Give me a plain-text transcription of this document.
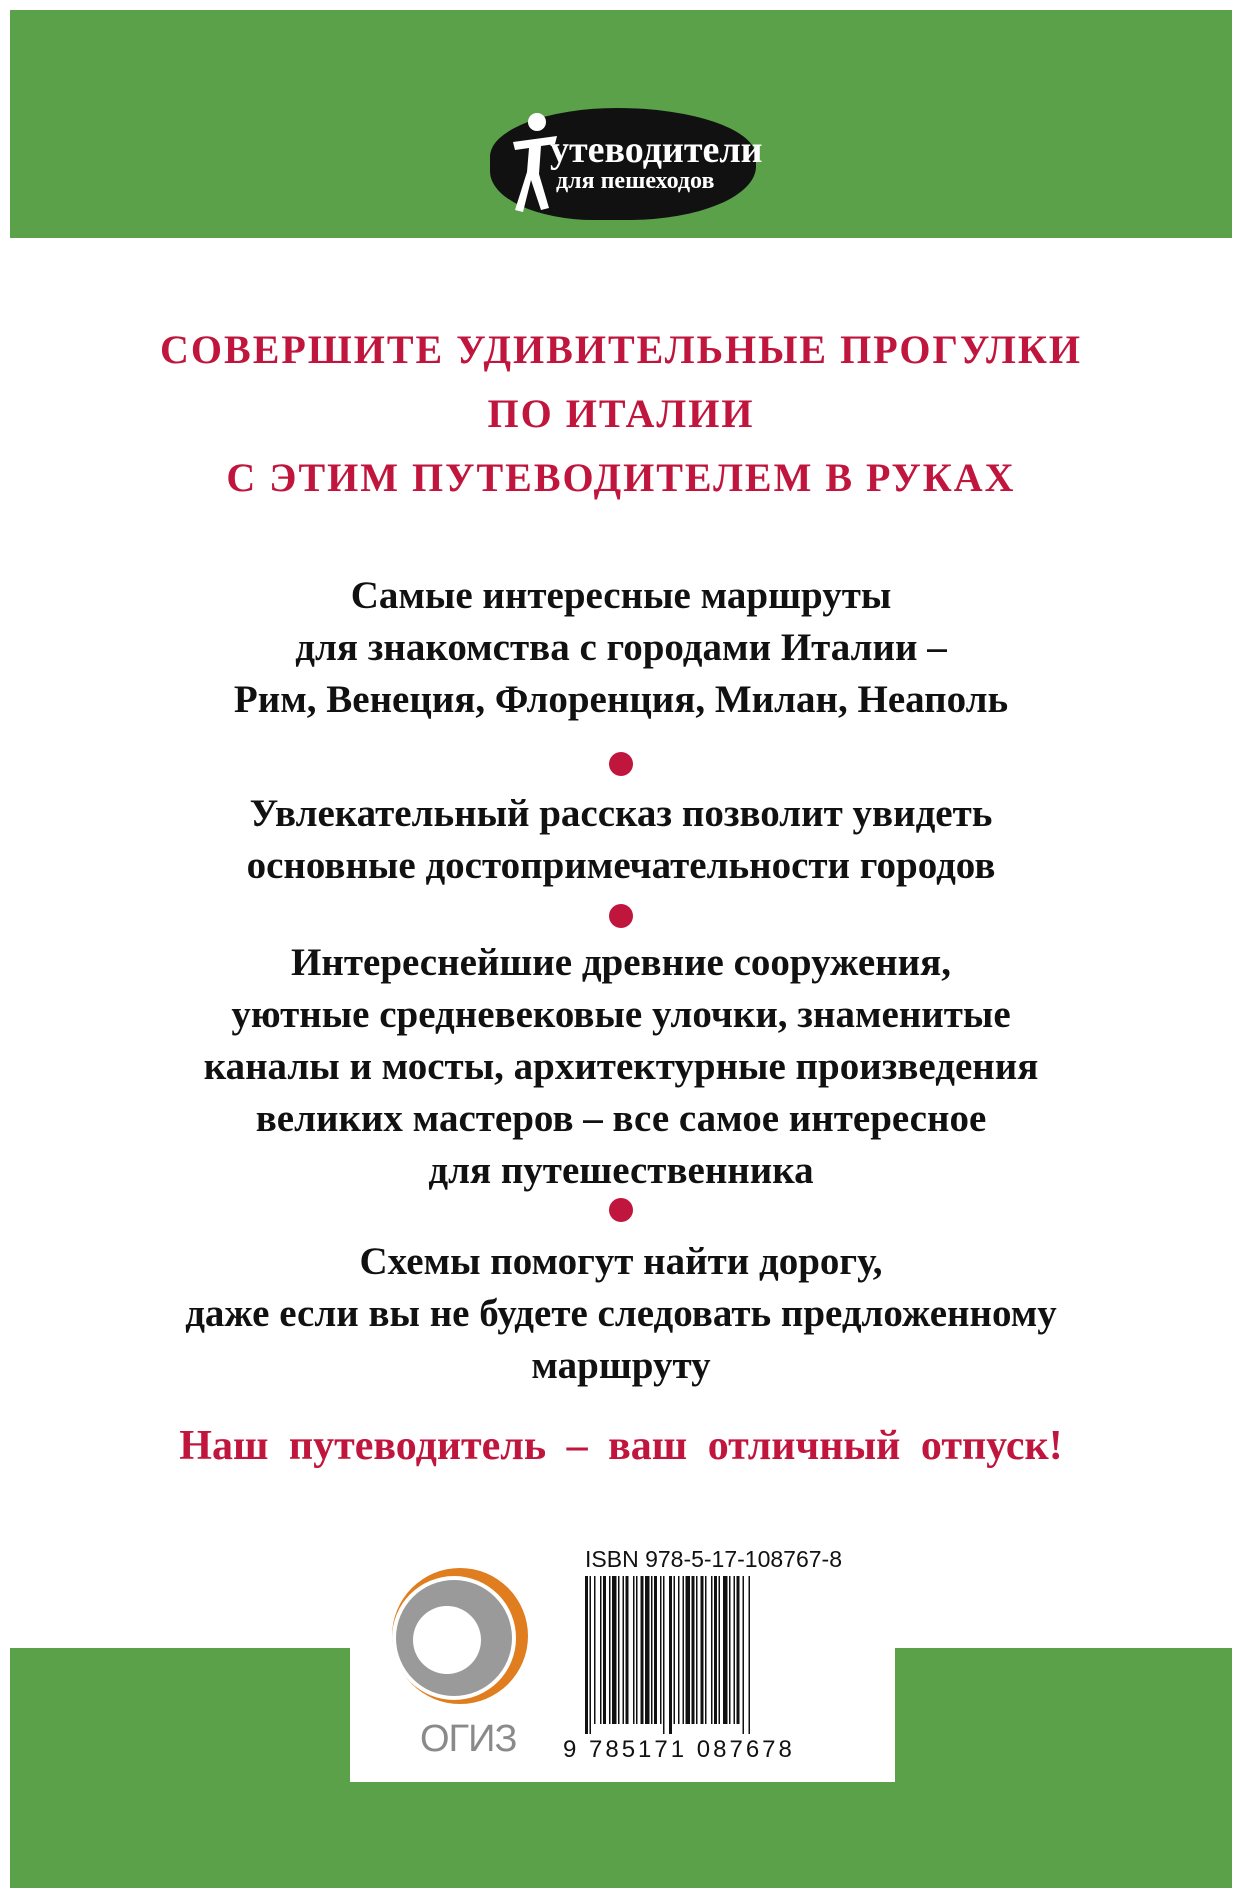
утеводители
для пешеходов
СОВЕРШИТЕ УДИВИТЕЛЬНЫЕ ПРОГУЛКИ
ПО ИТАЛИИ
С ЭТИМ ПУТЕВОДИТЕЛЕМ В РУКАХ
Самые интересные маршруты
для знакомства с городами Италии –
Рим, Венеция, Флоренция, Милан, Неаполь
Увлекательный рассказ позволит увидеть
основные достопримечательности городов
Интереснейшие древние сооружения,
уютные средневековые улочки, знаменитые
каналы и мосты, архитектурные произведения
великих мастеров – все самое интересное
для путешественника
Схемы помогут найти дорогу,
даже если вы не будете следовать предложенному
маршруту
Наш путеводитель – ваш отличный отпуск!
ОГИЗ
ISBN 978-5-17-108767-8
9 785171 087678
